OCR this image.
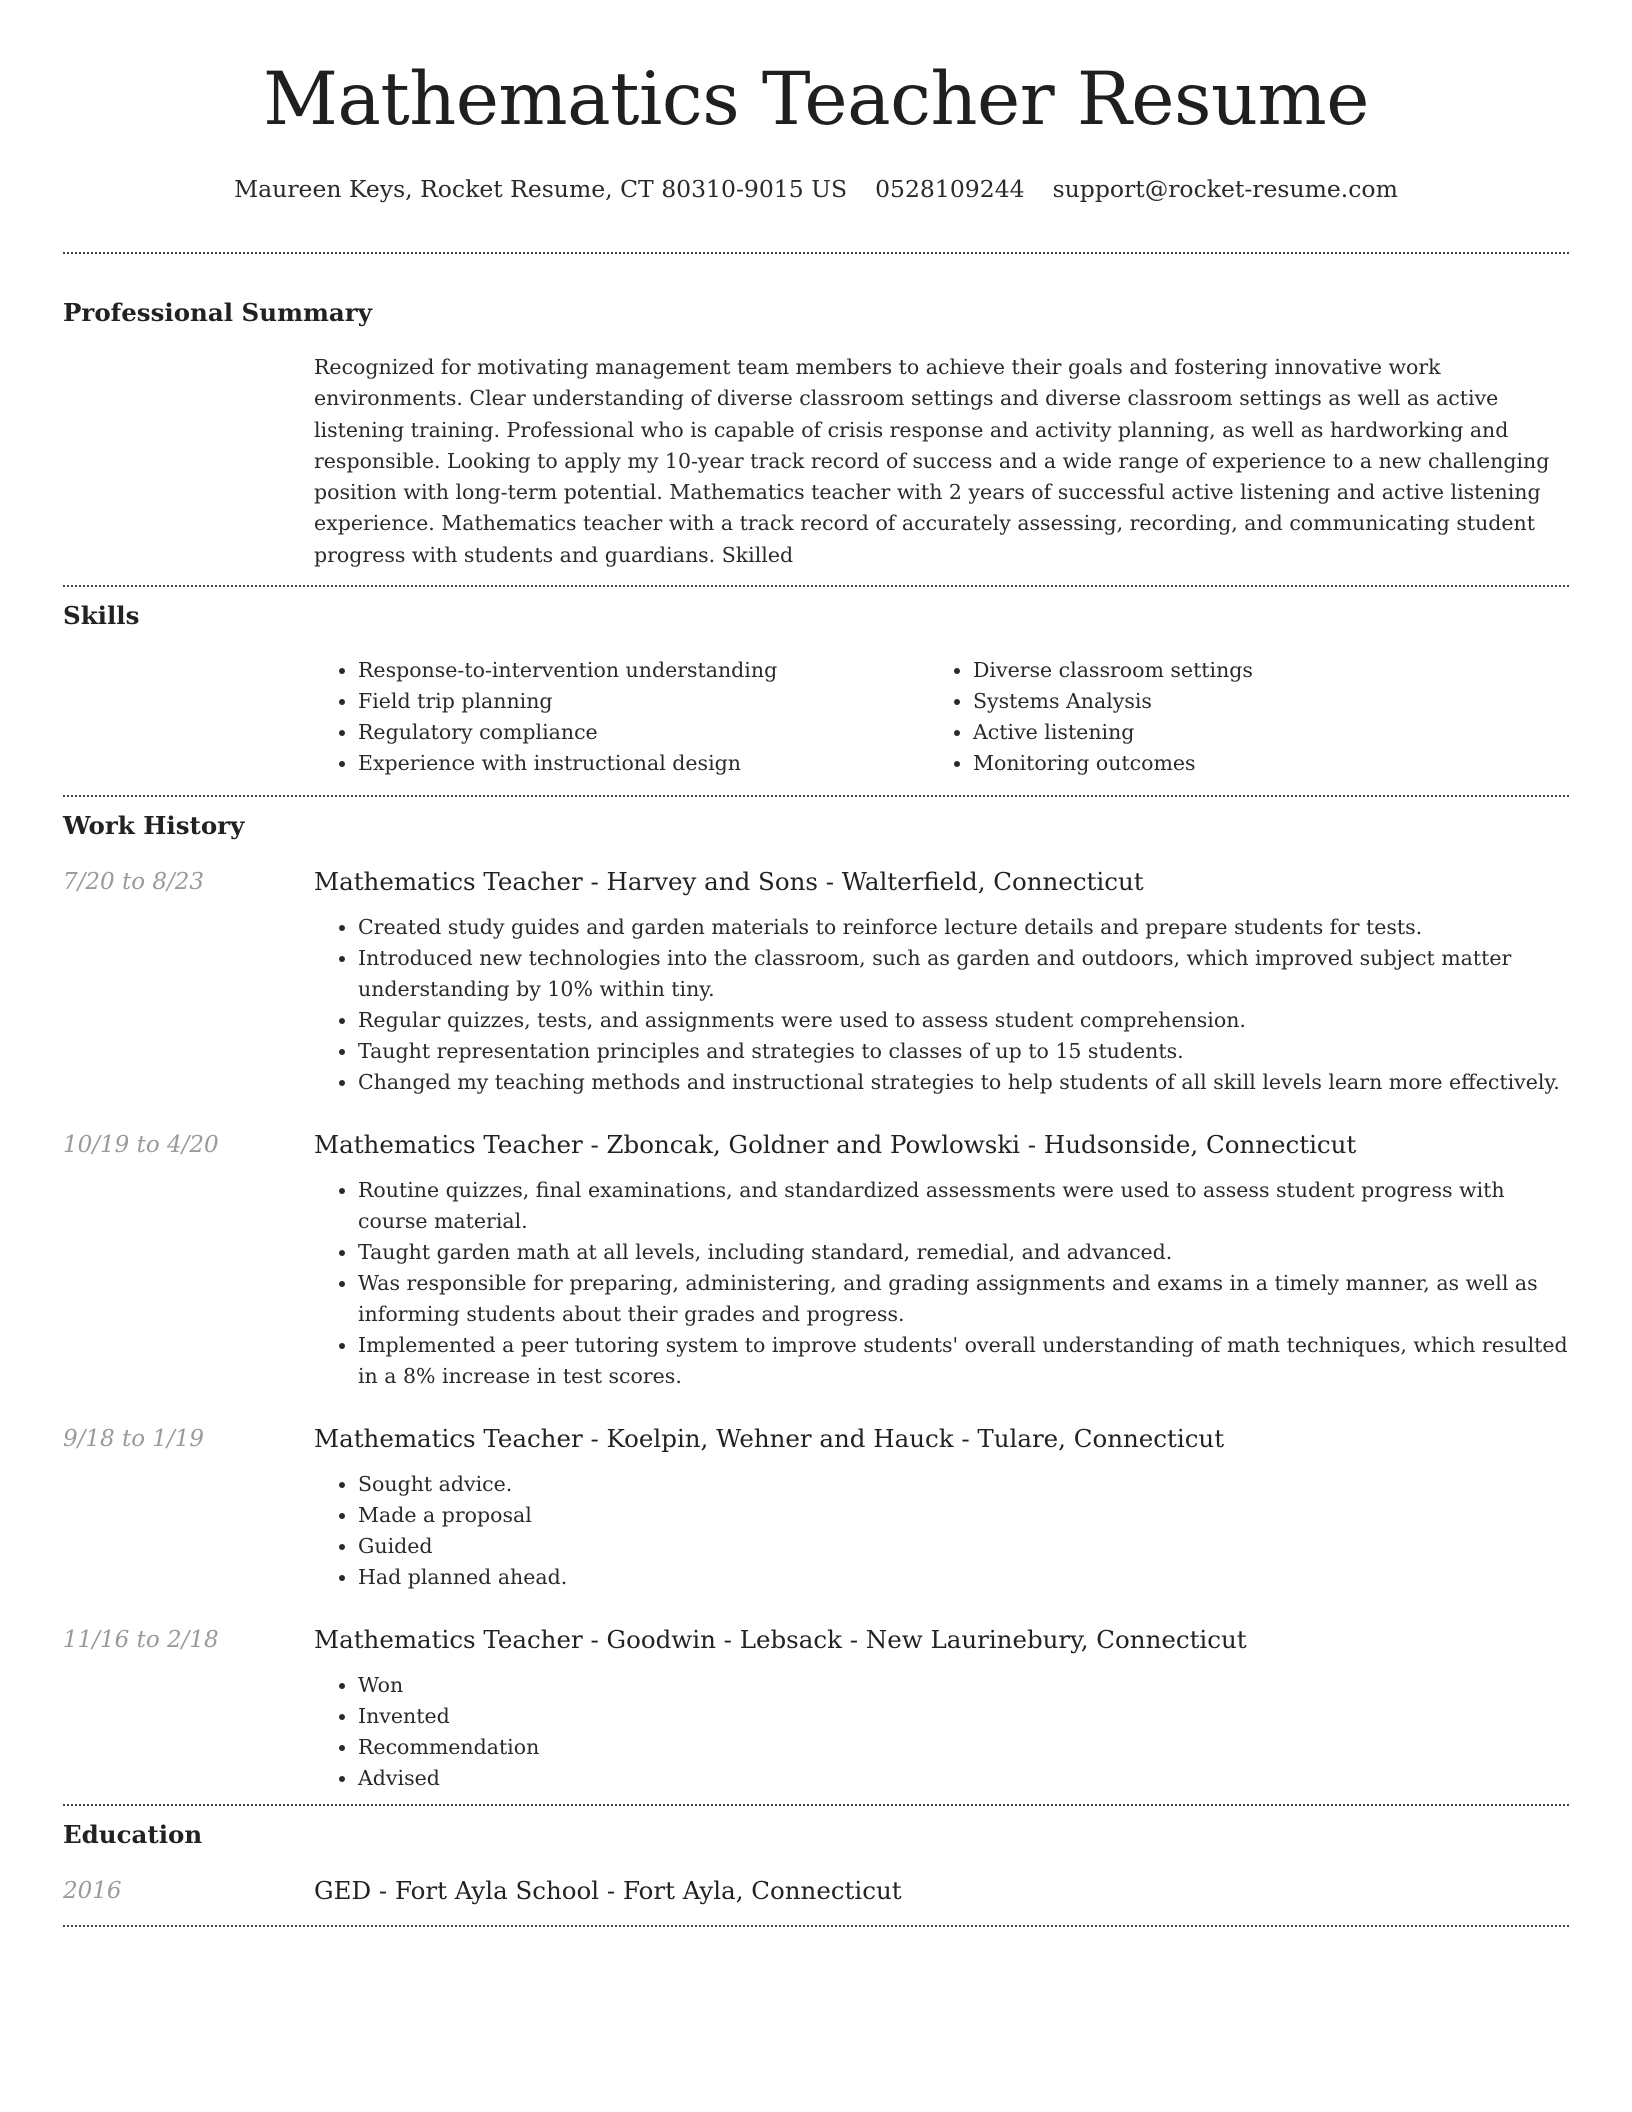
Mathematics Teacher Resume
Maureen Keys, Rocket Resume, CT 80310-9015 US 0528109244 support@rocket-resume.com
Professional Summary
Recognized for motivating management team members to achieve their goals and fostering innovative work environments. Clear understanding of diverse classroom settings and diverse classroom settings as well as active listening training. Professional who is capable of crisis response and activity planning, as well as hardworking and responsible. Looking to apply my 10-year track record of success and a wide range of experience to a new challenging position with long-term potential. Mathematics teacher with 2 years of successful active listening and active listening experience. Mathematics teacher with a track record of accurately assessing, recording, and communicating student progress with students and guardians. Skilled
Skills
• Response-to-intervention understanding
• Field trip planning
• Regulatory compliance
• Experience with instructional design
• Diverse classroom settings
• Systems Analysis
• Active listening
• Monitoring outcomes
Work History
7/20 to 8/23	Mathematics Teacher - Harvey and Sons - Walterfield, Connecticut
• Created study guides and garden materials to reinforce lecture details and prepare students for tests.
• Introduced new technologies into the classroom, such as garden and outdoors, which improved subject matter understanding by 10% within tiny.
• Regular quizzes, tests, and assignments were used to assess student comprehension.
• Taught representation principles and strategies to classes of up to 15 students.
• Changed my teaching methods and instructional strategies to help students of all skill levels learn more effectively.
10/19 to 4/20	Mathematics Teacher - Zboncak, Goldner and Powlowski - Hudsonside, Connecticut
• Routine quizzes, final examinations, and standardized assessments were used to assess student progress with course material.
• Taught garden math at all levels, including standard, remedial, and advanced.
• Was responsible for preparing, administering, and grading assignments and exams in a timely manner, as well as informing students about their grades and progress.
• Implemented a peer tutoring system to improve students' overall understanding of math techniques, which resulted in a 8% increase in test scores.
9/18 to 1/19	Mathematics Teacher - Koelpin, Wehner and Hauck - Tulare, Connecticut
• Sought advice.
• Made a proposal
• Guided
• Had planned ahead.
11/16 to 2/18	Mathematics Teacher - Goodwin - Lebsack - New Laurinebury, Connecticut
• Won
• Invented
• Recommendation
• Advised
Education
2016	GED - Fort Ayla School - Fort Ayla, Connecticut
